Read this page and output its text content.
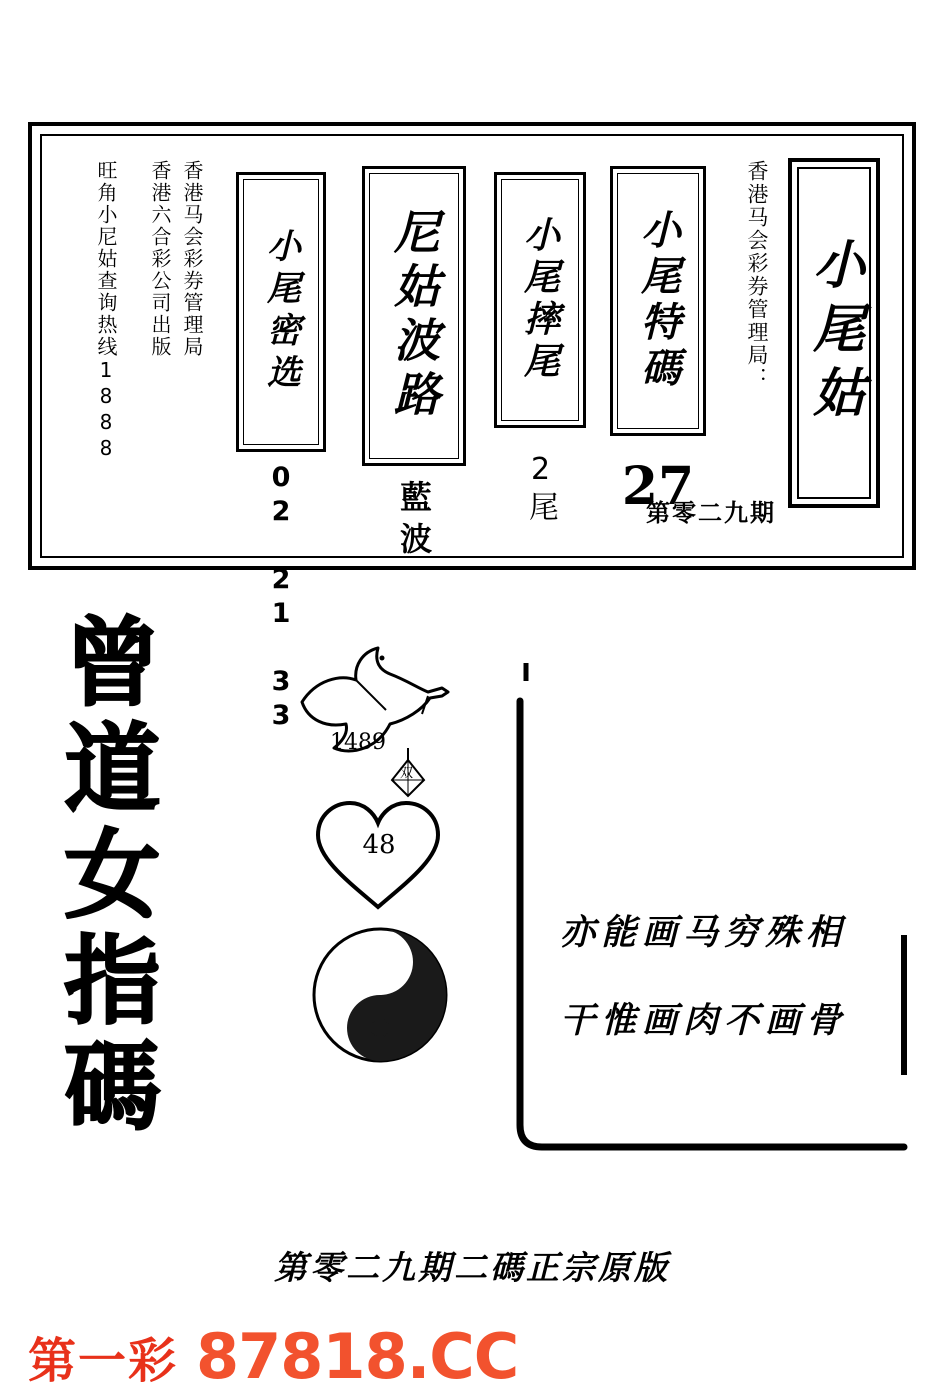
小尾姑
香港马会彩券管理局：
第零二九期
小尾特碼
27
小尾摔尾
2尾
尼姑波路
藍波
小尾密选
02 21 33
香港马会彩券管理局
香港六合彩公司出版
旺角小尼姑查询热线1888
曾道女指碼	1489
双
48
23	亦能画马穷殊相
干惟画肉不画骨
第零二九期二碼正宗原版
第一彩 87818.CC
